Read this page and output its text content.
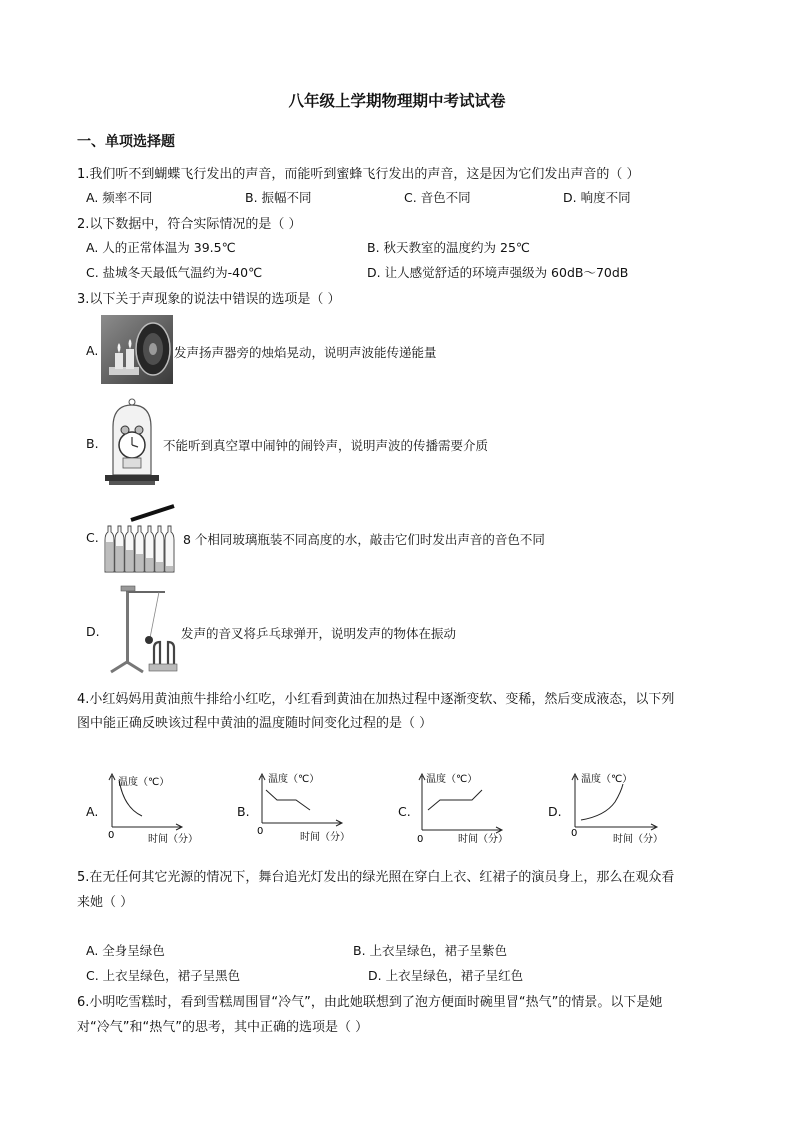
八年级上学期物理期中考试试卷
一、单项选择题
1.我们听不到蝴蝶飞行发出的声音，而能听到蜜蜂飞行发出的声音，这是因为它们发出声音的（ ）
A. 频率不同	B. 振幅不同	C. 音色不同	D. 响度不同
2.以下数据中，符合实际情况的是（ ）
A. 人的正常体温为 39.5℃	B. 秋天教室的温度约为 25℃
C. 盐城冬天最低气温约为-40℃	D. 让人感觉舒适的环境声强级为 60dB～70dB
3.以下关于声现象的说法中错误的选项是（ ）
A.	发声扬声器旁的烛焰晃动，说明声波能传递能量
B.	不能听到真空罩中闹钟的闹铃声，说明声波的传播需要介质
C.	8 个相同玻璃瓶装不同高度的水，敲击它们时发出声音的音色不同
D.	发声的音叉将乒乓球弹开，说明发声的物体在振动
4.小红妈妈用黄油煎牛排给小红吃，小红看到黄油在加热过程中逐渐变软、变稀，然后变成液态，以下列
图中能正确反映该过程中黄油的温度随时间变化过程的是（ ）
A.
温度（℃）
0	时间（分）
B.
温度（℃）
0
时间（分）
C.
温度（℃）
0	时间（分）
D.
温度（℃）
0
时间（分）
5.在无任何其它光源的情况下，舞台追光灯发出的绿光照在穿白上衣、红裙子的演员身上，那么在观众看
来她（ ）
A. 全身呈绿色	B. 上衣呈绿色，裙子呈紫色
C. 上衣呈绿色，裙子呈黑色	D. 上衣呈绿色，裙子呈红色
6.小明吃雪糕时，看到雪糕周围冒“冷气”，由此她联想到了泡方便面时碗里冒“热气”的情景。以下是她
对“冷气”和“热气”的思考，其中正确的选项是（ ）
